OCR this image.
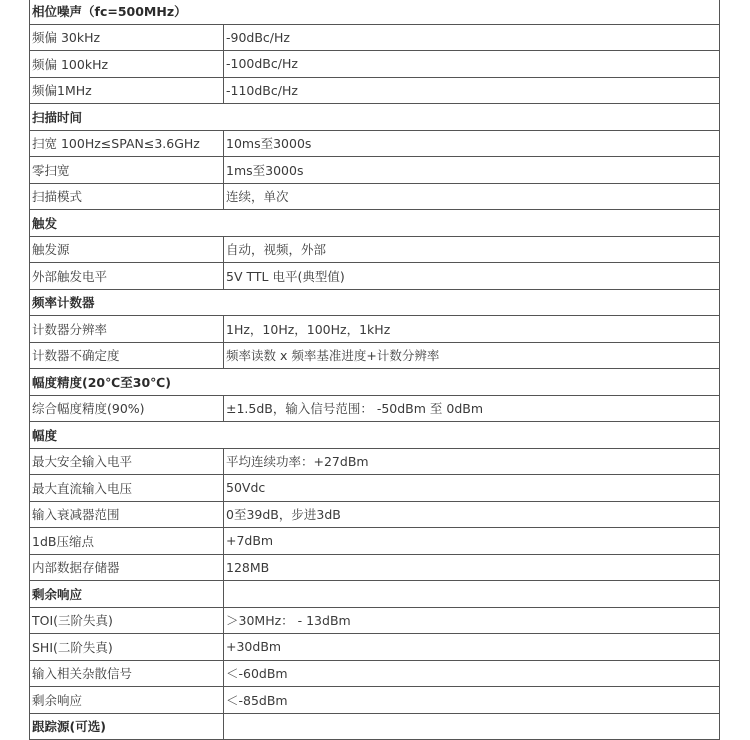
相位噪声（fc=500MHz）	
频偏 30kHz	-90dBc/Hz
频偏 100kHz	-100dBc/Hz
频偏1MHz	-110dBc/Hz
扫描时间	
扫宽 100Hz≤SPAN≤3.6GHz	10ms至3000s
零扫宽	1ms至3000s
扫描模式	连续，单次
触发	
触发源	自动，视频，外部
外部触发电平	5V TTL 电平(典型值)
频率计数器	
计数器分辨率	1Hz，10Hz，100Hz，1kHz
计数器不确定度	频率读数 x 频率基准进度+计数分辨率
幅度精度(20℃至30℃)	
综合幅度精度(90%)	±1.5dB，输入信号范围： -50dBm 至 0dBm
幅度	
最大安全输入电平	平均连续功率：+27dBm
最大直流输入电压	50Vdc
输入衰减器范围	0至39dB，步进3dB
1dB压缩点	+7dBm
内部数据存储器	128MB
剩余响应	
TOI(三阶失真)	＞30MHz： - 13dBm
SHI(二阶失真)	+30dBm
输入相关杂散信号	＜-60dBm
剩余响应	＜-85dBm
跟踪源(可选)	
